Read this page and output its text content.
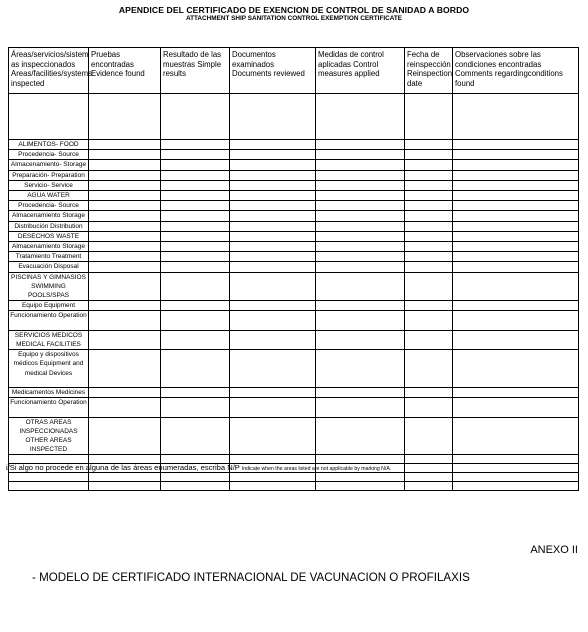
APENDICE DEL CERTIFICADO DE EXENCION DE CONTROL DE SANIDAD A BORDO
ATTACHMENT SHIP SANITATION CONTROL EXEMPTION CERTIFICATE
Áreas/servicios/sistem as inspeccionados Areas/facilities/systems inspected	Pruebas encontradas Evidence found	Resultado de las muestras Simple results	Documentos examinados Documents reviewed	Medidas de control aplicadas Control measures applied	Fecha de reinspección Reinspection date	Observaciones sobre las condiciones encontradas Comments regardingconditions found

ALIMENTOS- FOOD						
Procedencia- Source						
Almacenamiento- Storage						
Preparación- Preparation						
Servicio- Service						
AGUA WATER						
Procedencia- Source						
Almacenamiento Storage						
Distribución Distribution						
DESECHOS WASTE						
Almacenamiento Storage						
Tratamiento Treatment						
Evacuación Disposal						
PISCINAS Y GIMNASIOS SWIMMING POOLS/SPAS						
Equipo Equipment						
Funcionamiento Operation						
SERVICIOS MEDICOS MEDICAL FACILITIES						
Equipo y dispositivos médicos Equipment and medical Devices						
Medicamentos Medicines						
Funcionamiento Operation						
OTRAS AREAS INSPECCIONADAS OTHER AREAS INSPECTED						

i/Si algo no procede en alguna de las áreas enumeradas, escriba N/P Indicate when the areas listed are not applicable by marking N/A.
ANEXO II
- MODELO DE CERTIFICADO INTERNACIONAL DE VACUNACION O PROFILAXIS
